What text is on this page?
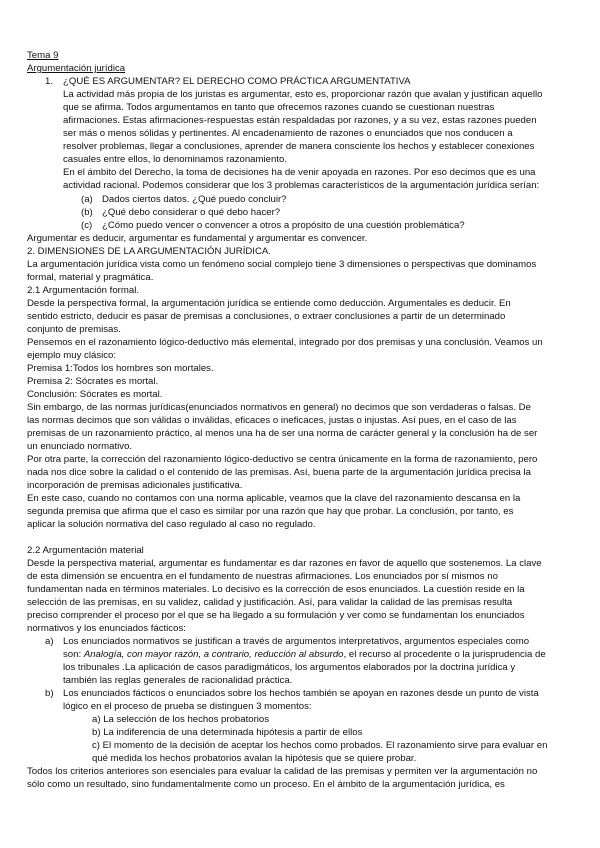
Tema 9
Argumentación jurídica
1. ¿QUÉ ES ARGUMENTAR? EL DERECHO COMO PRÁCTICA ARGUMENTATIVA
La actividad más propia de los juristas es argumentar, esto es, proporcionar razón que avalan y justifican aquello
que se afirma. Todos argumentamos en tanto que ofrecemos razones cuando se cuestionan nuestras
afirmaciones. Estas afirmaciones-respuestas están respaldadas por razones, y a su vez, estas razones pueden
ser más o menos sólidas y pertinentes. Al encadenamiento de razones o enunciados que nos conducen a
resolver problemas, llegar a conclusiones, aprender de manera consciente los hechos y establecer conexiones
casuales entre ellos, lo denominamos razonamiento.
En el ámbito del Derecho, la toma de decisiones ha de venir apoyada en razones. Por eso decimos que es una
actividad racional. Podemos considerar que los 3 problemas característicos de la argumentación jurídica serían:
(a) Dados ciertos datos. ¿Qué puedo concluir?
(b) ¿Qué debo considerar o qué debo hacer?
(c) ¿Cómo puedo vencer o convencer a otros a propósito de una cuestión problemática?
Argumentar es deducir, argumentar es fundamental y argumentar es convencer.
2. DIMENSIONES DE LA ARGUMENTACIÓN JURÍDICA.
La argumentación jurídica vista como un fenómeno social complejo tiene 3 dimensiones o perspectivas que dominamos
formal, material y pragmática.
2.1 Argumentación formal.
Desde la perspectiva formal, la argumentación jurídica se entiende como deducción. Argumentales es deducir. En
sentido estricto, deducir es pasar de premisas a conclusiones, o extraer conclusiones a partir de un determinado
conjunto de premisas.
Pensemos en el razonamiento lógico-deductivo más elemental, integrado por dos premisas y una conclusión. Veamos un
ejemplo muy clásico:
Premisa 1:Todos los hombres son mortales.
Premisa 2: Sócrates es mortal.
Conclusión: Sócrates es mortal.
Sin embargo, de las normas jurídicas(enunciados normativos en general) no decimos que son verdaderas o falsas. De
las normas decimos que son válidas o inválidas, eficaces o ineficaces, justas o injustas. Así pues, en el caso de las
premisas de un razonamiento práctico, al menos una ha de ser una norma de carácter general y la conclusión ha de ser
un enunciado normativo.
Por otra parte, la corrección del razonamiento lógico-deductivo se centra únicamente en la forma de razonamiento, pero
nada nos dice sobre la calidad o el contenido de las premisas. Así, buena parte de la argumentación jurídica precisa la
incorporación de premisas adicionales justificativa.
En este caso, cuando no contamos con una norma aplicable, veamos que la clave del razonamiento descansa en la
segunda premisa que afirma que el caso es similar por una razón que hay que probar. La conclusión, por tanto, es
aplicar la solución normativa del caso regulado al caso no regulado.
2.2 Argumentación material
Desde la perspectiva material, argumentar es fundamentar es dar razones en favor de aquello que sostenemos. La clave
de esta dimensión se encuentra en el fundamento de nuestras afirmaciones. Los enunciados por sí mismos no
fundamentan nada en términos materiales. Lo decisivo es la corrección de esos enunciados. La cuestión reside en la
selección de las premisas, en su validez, calidad y justificación. Así, para validar la calidad de las premisas resulta
preciso comprender el proceso por el que se ha llegado a su formulación y ver como se fundamentan los enunciados
normativos y los enunciados fácticos:
a) Los enunciados normativos se justifican a través de argumentos interpretativos, argumentos especiales como
son: Analogía, con mayor razón, a contrario, reducción al absurdo, el recurso al procedente o la jurisprudencia de
los tribunales .La aplicación de casos paradigmáticos, los argumentos elaborados por la doctrina jurídica y
también las reglas generales de racionalidad práctica.
b) Los enunciados fácticos o enunciados sobre los hechos también se apoyan en razones desde un punto de vista
lógico en el proceso de prueba se distinguen 3 momentos:
a) La selección de los hechos probatorios
b) La indiferencia de una determinada hipótesis a partir de ellos
c) El momento de la decisión de aceptar los hechos como probados. El razonamiento sirve para evaluar en
qué medida los hechos probatorios avalan la hipótesis que se quiere probar.
Todos los criterios anteriores son esenciales para evaluar la calidad de las premisas y permiten ver la argumentación no
sólo como un resultado, sino fundamentalmente como un proceso. En el ámbito de la argumentación jurídica, es
